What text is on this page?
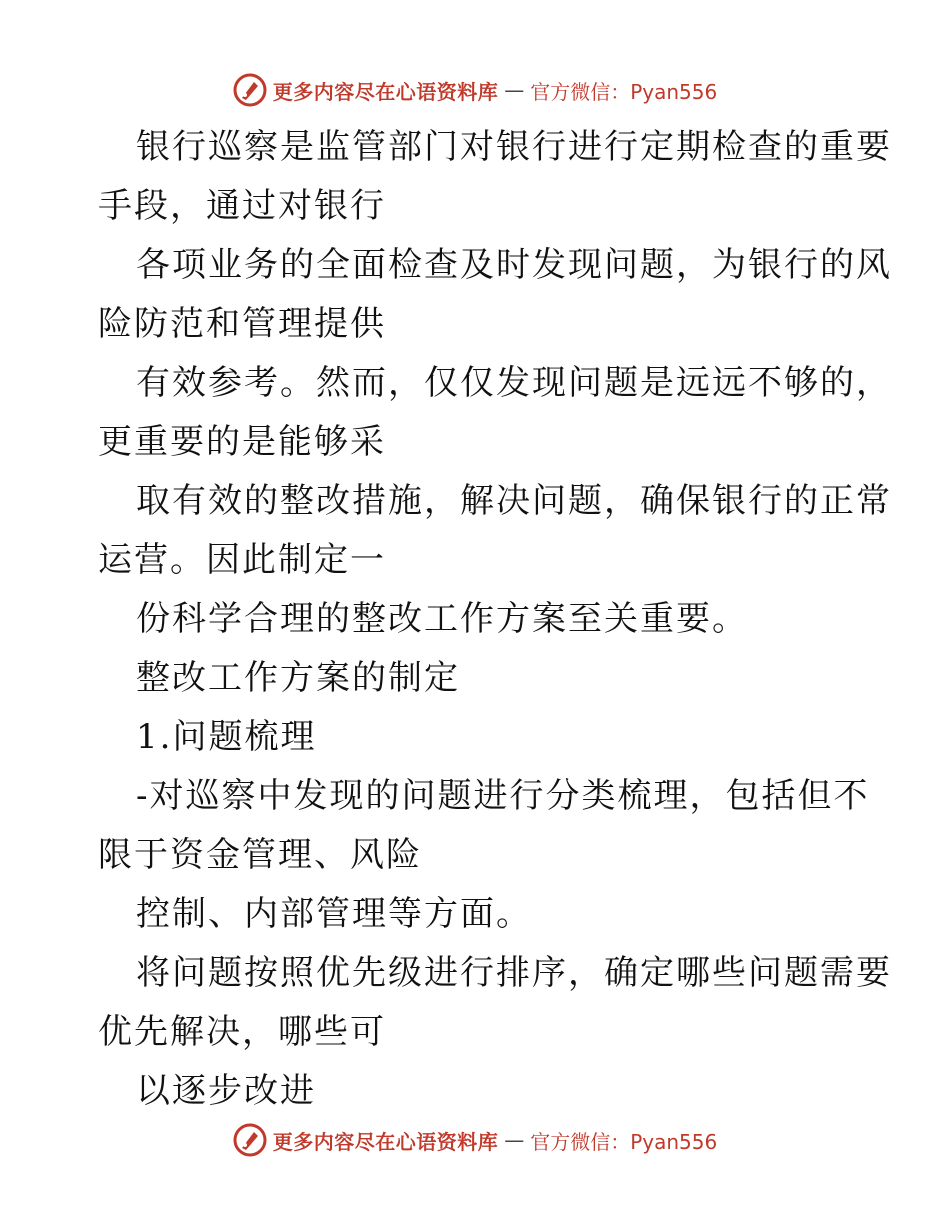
更多内容尽在心语资料库 — 官方微信：Pyan556
银行巡察是监管部门对银行进行定期检查的重要
手段，通过对银行
各项业务的全面检查及时发现问题，为银行的风
险防范和管理提供
有效参考。然而，仅仅发现问题是远远不够的，
更重要的是能够采
取有效的整改措施，解决问题，确保银行的正常
运营。因此制定一
份科学合理的整改工作方案至关重要。
整改工作方案的制定
1.问题梳理
-对巡察中发现的问题进行分类梳理，包括但不
限于资金管理、风险
控制、内部管理等方面。
将问题按照优先级进行排序，确定哪些问题需要
优先解决，哪些可
以逐步改进
更多内容尽在心语资料库 — 官方微信：Pyan556
